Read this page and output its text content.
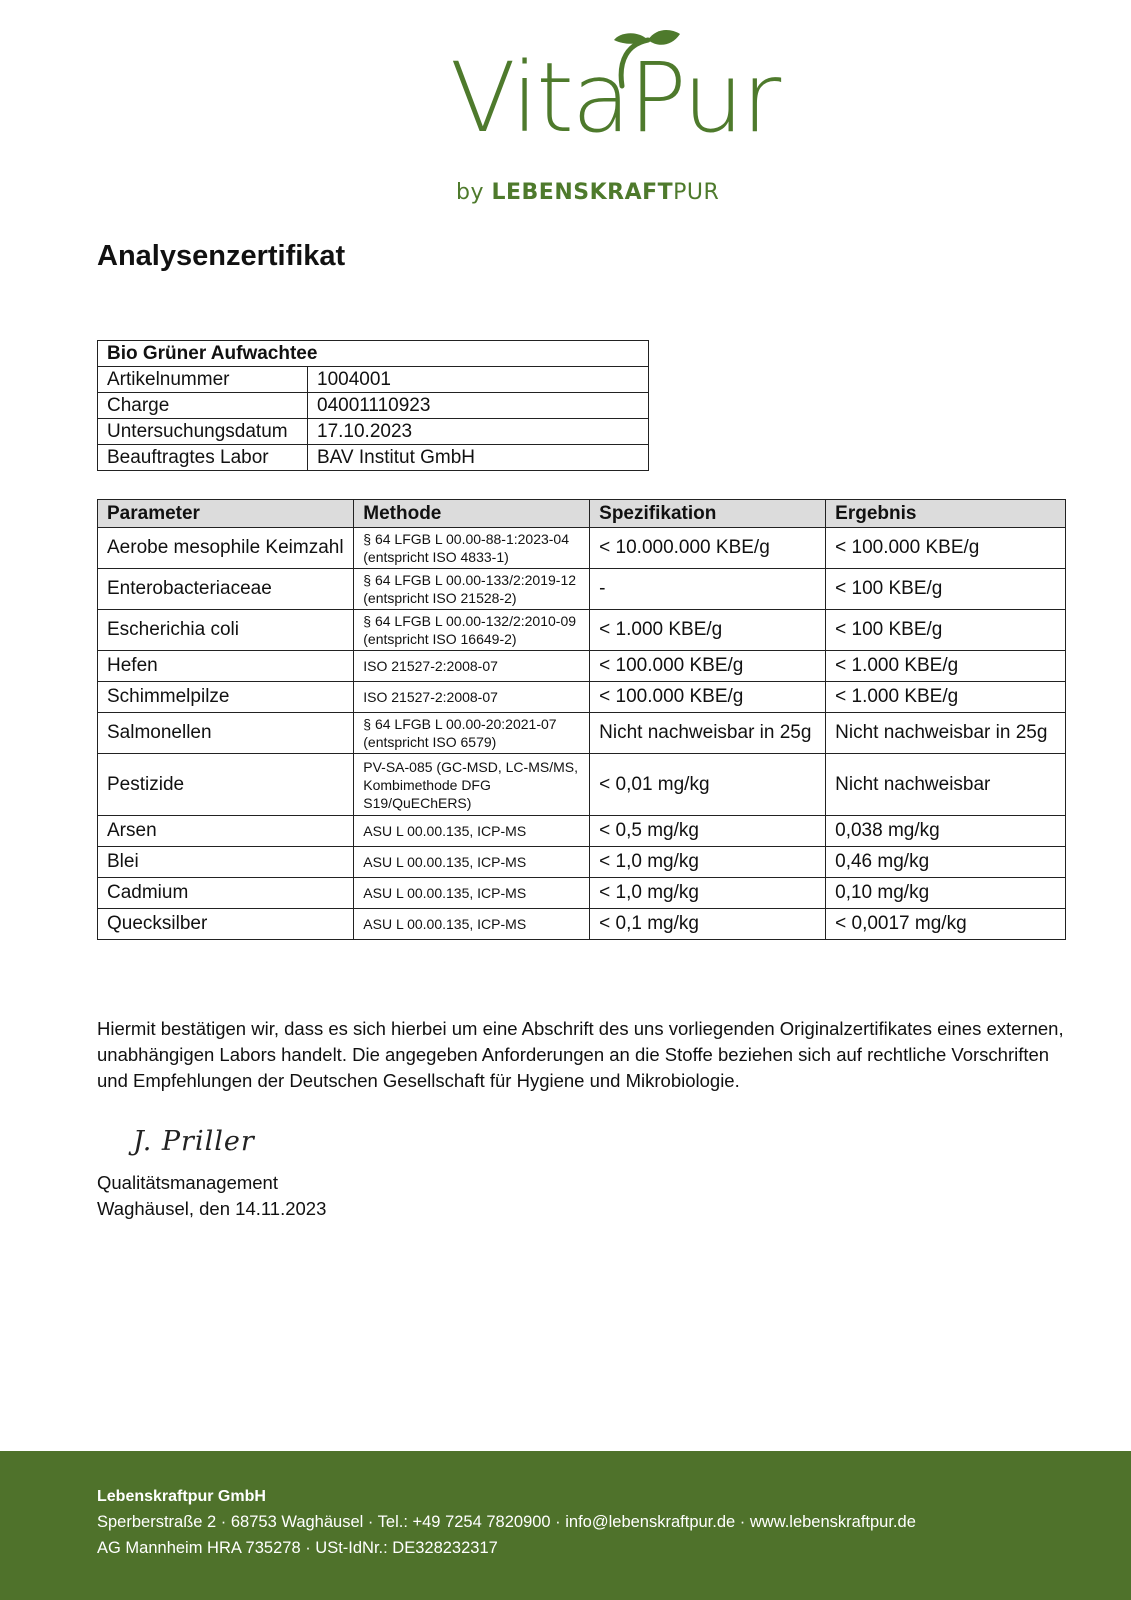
VitaPur
by LEBENSKRAFTPUR
Analysenzertifikat
Bio Grüner Aufwachtee	
Artikelnummer	1004001
Charge	04001110923
Untersuchungsdatum	17.10.2023
Beauftragtes Labor	BAV Institut GmbH
Parameter	Methode	Spezifikation	Ergebnis
Aerobe mesophile Keimzahl	§ 64 LFGB L 00.00-88-1:2023-04 (entspricht ISO 4833-1)	< 10.000.000 KBE/g	< 100.000 KBE/g
Enterobacteriaceae	§ 64 LFGB L 00.00-133/2:2019-12 (entspricht ISO 21528-2)	-	< 100 KBE/g
Escherichia coli	§ 64 LFGB L 00.00-132/2:2010-09 (entspricht ISO 16649-2)	< 1.000 KBE/g	< 100 KBE/g
Hefen	ISO 21527-2:2008-07	< 100.000 KBE/g	< 1.000 KBE/g
Schimmelpilze	ISO 21527-2:2008-07	< 100.000 KBE/g	< 1.000 KBE/g
Salmonellen	§ 64 LFGB L 00.00-20:2021-07 (entspricht ISO 6579)	Nicht nachweisbar in 25g	Nicht nachweisbar in 25g
Pestizide	PV-SA-085 (GC-MSD, LC-MS/MS, Kombimethode DFG S19/QuEChERS)	< 0,01 mg/kg	Nicht nachweisbar
Arsen	ASU L 00.00.135, ICP-MS	< 0,5 mg/kg	0,038 mg/kg
Blei	ASU L 00.00.135, ICP-MS	< 1,0 mg/kg	0,46 mg/kg
Cadmium	ASU L 00.00.135, ICP-MS	< 1,0 mg/kg	0,10 mg/kg
Quecksilber	ASU L 00.00.135, ICP-MS	< 0,1 mg/kg	< 0,0017 mg/kg

Hiermit bestätigen wir, dass es sich hierbei um eine Abschrift des uns vorliegenden Originalzertifikates eines externen, unabhängigen Labors handelt. Die angegeben Anforderungen an die Stoffe beziehen sich auf rechtliche Vorschriften und Empfehlungen der Deutschen Gesellschaft für Hygiene und Mikrobiologie.

J. Priller
Qualitätsmanagement
Waghäusel, den 14.11.2023
Lebenskraftpur GmbH
Sperberstraße 2 · 68753 Waghäusel · Tel.: +49 7254 7820900 · info@lebenskraftpur.de · www.lebenskraftpur.de
AG Mannheim HRA 735278 · USt-IdNr.: DE328232317
